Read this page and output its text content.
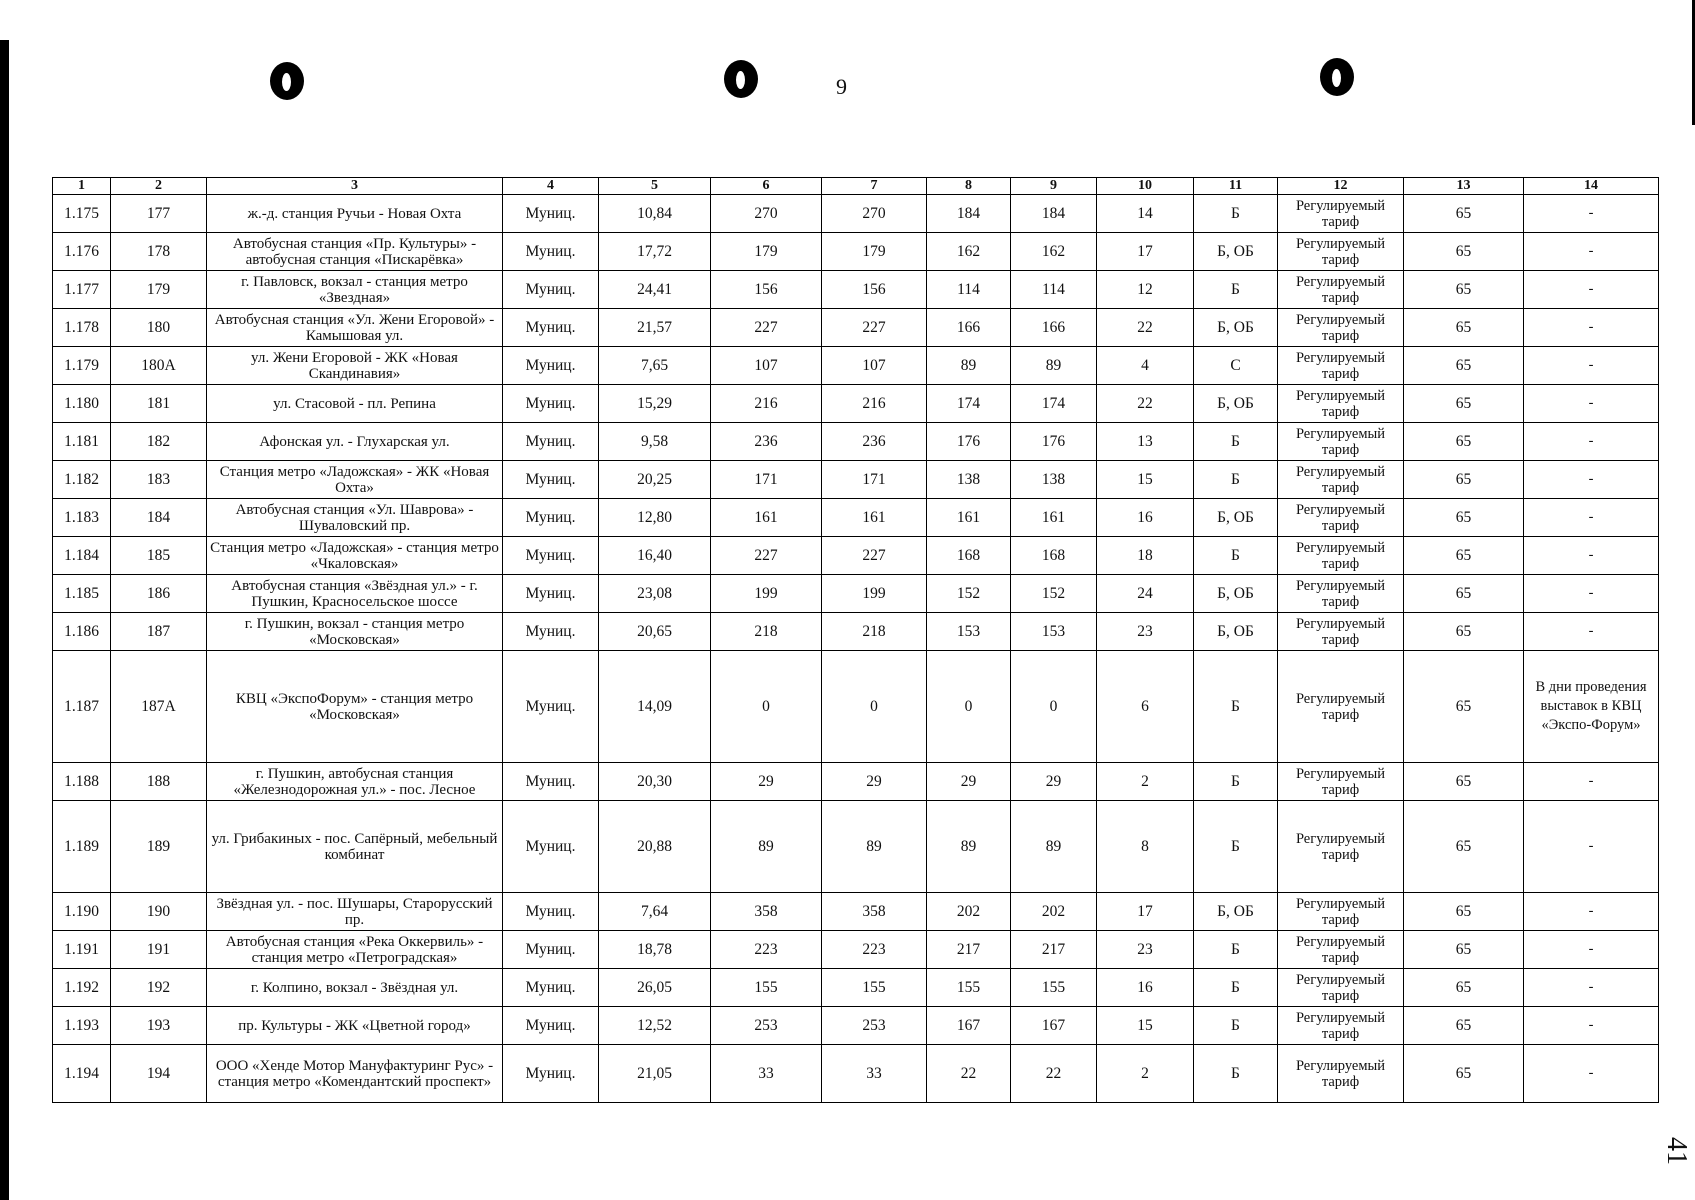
9
41
1	2	3	4	5	6	7	8	9	10	11	12	13	14
1.175	177	ж.-д. станция Ручьи - Новая Охта	Муниц.	10,84	270	270	184	184	14	Б	Регулируемый тариф	65	-
1.176	178	Автобусная станция «Пр. Культуры» - автобусная станция «Пискарёвка»	Муниц.	17,72	179	179	162	162	17	Б, ОБ	Регулируемый тариф	65	-
1.177	179	г. Павловск, вокзал - станция метро «Звездная»	Муниц.	24,41	156	156	114	114	12	Б	Регулируемый тариф	65	-
1.178	180	Автобусная станция «Ул. Жени Егоровой» - Камышовая ул.	Муниц.	21,57	227	227	166	166	22	Б, ОБ	Регулируемый тариф	65	-
1.179	180А	ул. Жени Егоровой - ЖК «Новая Скандинавия»	Муниц.	7,65	107	107	89	89	4	С	Регулируемый тариф	65	-
1.180	181	ул. Стасовой - пл. Репина	Муниц.	15,29	216	216	174	174	22	Б, ОБ	Регулируемый тариф	65	-
1.181	182	Афонская ул. - Глухарская ул.	Муниц.	9,58	236	236	176	176	13	Б	Регулируемый тариф	65	-
1.182	183	Станция метро «Ладожская» - ЖК «Новая Охта»	Муниц.	20,25	171	171	138	138	15	Б	Регулируемый тариф	65	-
1.183	184	Автобусная станция «Ул. Шаврова» - Шуваловский пр.	Муниц.	12,80	161	161	161	161	16	Б, ОБ	Регулируемый тариф	65	-
1.184	185	Станция метро «Ладожская» - станция метро «Чкаловская»	Муниц.	16,40	227	227	168	168	18	Б	Регулируемый тариф	65	-
1.185	186	Автобусная станция «Звёздная ул.» - г. Пушкин, Красносельское шоссе	Муниц.	23,08	199	199	152	152	24	Б, ОБ	Регулируемый тариф	65	-
1.186	187	г. Пушкин, вокзал - станция метро «Московская»	Муниц.	20,65	218	218	153	153	23	Б, ОБ	Регулируемый тариф	65	-
1.187	187А	КВЦ «ЭкспоФорум» - станция метро «Московская»	Муниц.	14,09	0	0	0	0	6	Б	Регулируемый тариф	65	В дни проведения выставок в КВЦ «Экспо-Форум»
1.188	188	г. Пушкин, автобусная станция «Железнодорожная ул.» - пос. Лесное	Муниц.	20,30	29	29	29	29	2	Б	Регулируемый тариф	65	-
1.189	189	ул. Грибакиных - пос. Сапёрный, мебельный комбинат	Муниц.	20,88	89	89	89	89	8	Б	Регулируемый тариф	65	-
1.190	190	Звёздная ул. - пос. Шушары, Старорусский пр.	Муниц.	7,64	358	358	202	202	17	Б, ОБ	Регулируемый тариф	65	-
1.191	191	Автобусная станция «Река Оккервиль» - станция метро «Петроградская»	Муниц.	18,78	223	223	217	217	23	Б	Регулируемый тариф	65	-
1.192	192	г. Колпино, вокзал - Звёздная ул.	Муниц.	26,05	155	155	155	155	16	Б	Регулируемый тариф	65	-
1.193	193	пр. Культуры - ЖК «Цветной город»	Муниц.	12,52	253	253	167	167	15	Б	Регулируемый тариф	65	-
1.194	194	ООО «Хенде Мотор Мануфактуринг Рус» - станция метро «Комендантский проспект»	Муниц.	21,05	33	33	22	22	2	Б	Регулируемый тариф	65	-
